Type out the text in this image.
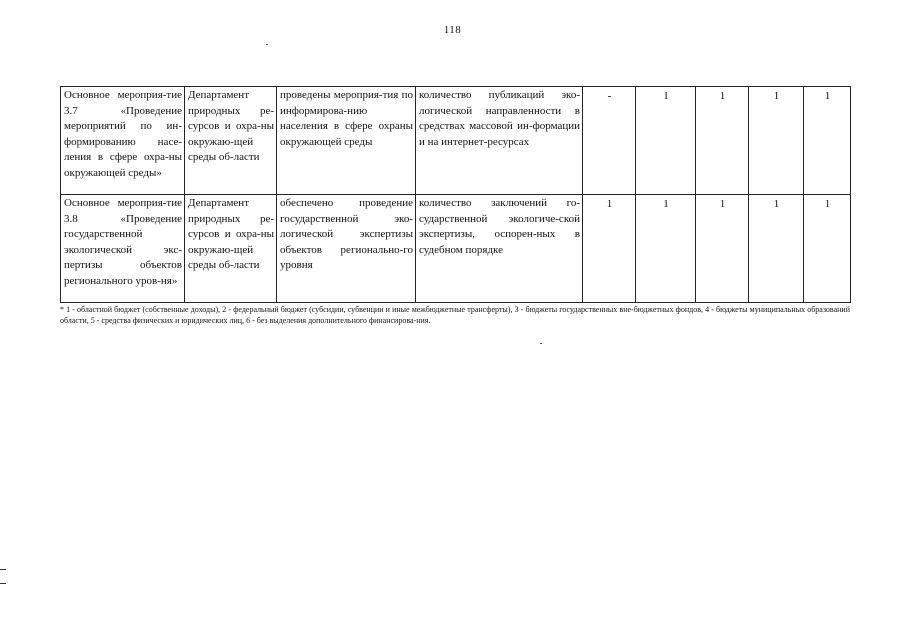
118
Основное мероприя-тие 3.7 «Проведение мероприятий по ин-формированию насе-ления в сфере охра-ны окружающей среды»	Департамент природных ре-сурсов и охра-ны окружаю-щей среды об-ласти	проведены мероприя-тия по информирова-нию населения в сфере охраны окружающей среды	количество публикаций эко-логической направленности в средствах массовой ин-формации и на интернет-ресурсах	-	1	1	1	1
Основное мероприя-тие 3.8 «Проведение государственной экологической экс-пертизы объектов регионального уров-ня»	Департамент природных ре-сурсов и охра-ны окружаю-щей среды об-ласти	обеспечено проведение государственной эко-логической экспертизы объектов регионально-го уровня	количество заключений го-сударственной экологиче-ской экспертизы, оспорен-ных в судебном порядке	1	1	1	1	1
* 1 - областной бюджет (собственные доходы), 2 - федеральный бюджет (субсидии, субвенции и иные межбюджетные трансферты), 3 - бюджеты государственных вне-бюджетных фондов, 4 - бюджеты муниципальных образований области, 5 - средства физических и юридических лиц, 6 - без выделения дополнительного финансирова-ния.
